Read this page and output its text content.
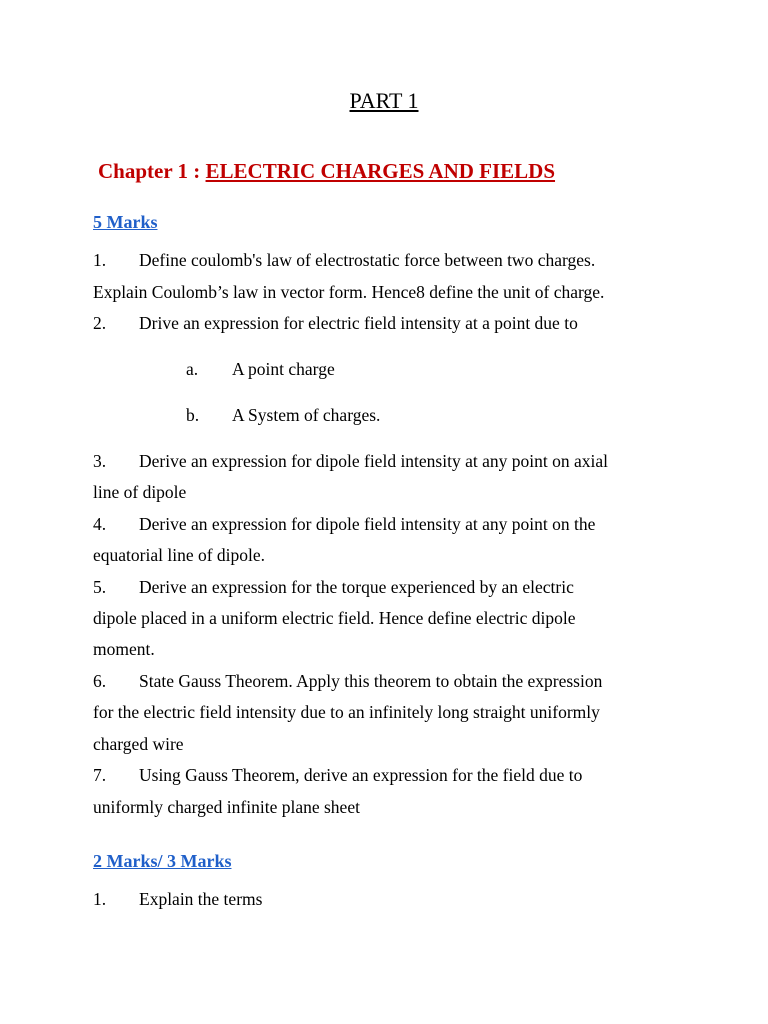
PART 1
Chapter 1 : ELECTRIC CHARGES AND FIELDS
5 Marks
1. Define coulomb's law of electrostatic force between two charges.
Explain Coulomb’s law in vector form. Hence8 define the unit of charge.
2. Drive an expression for electric field intensity at a point due to
a. A point charge
b. A System of charges.
3. Derive an expression for dipole field intensity at any point on axial
line of dipole
4. Derive an expression for dipole field intensity at any point on the
equatorial line of dipole.
5. Derive an expression for the torque experienced by an electric
dipole placed in a uniform electric field. Hence define electric dipole
moment.
6. State Gauss Theorem. Apply this theorem to obtain the expression
for the electric field intensity due to an infinitely long straight uniformly
charged wire
7. Using Gauss Theorem, derive an expression for the field due to
uniformly charged infinite plane sheet
2 Marks/ 3 Marks
1. Explain the terms
